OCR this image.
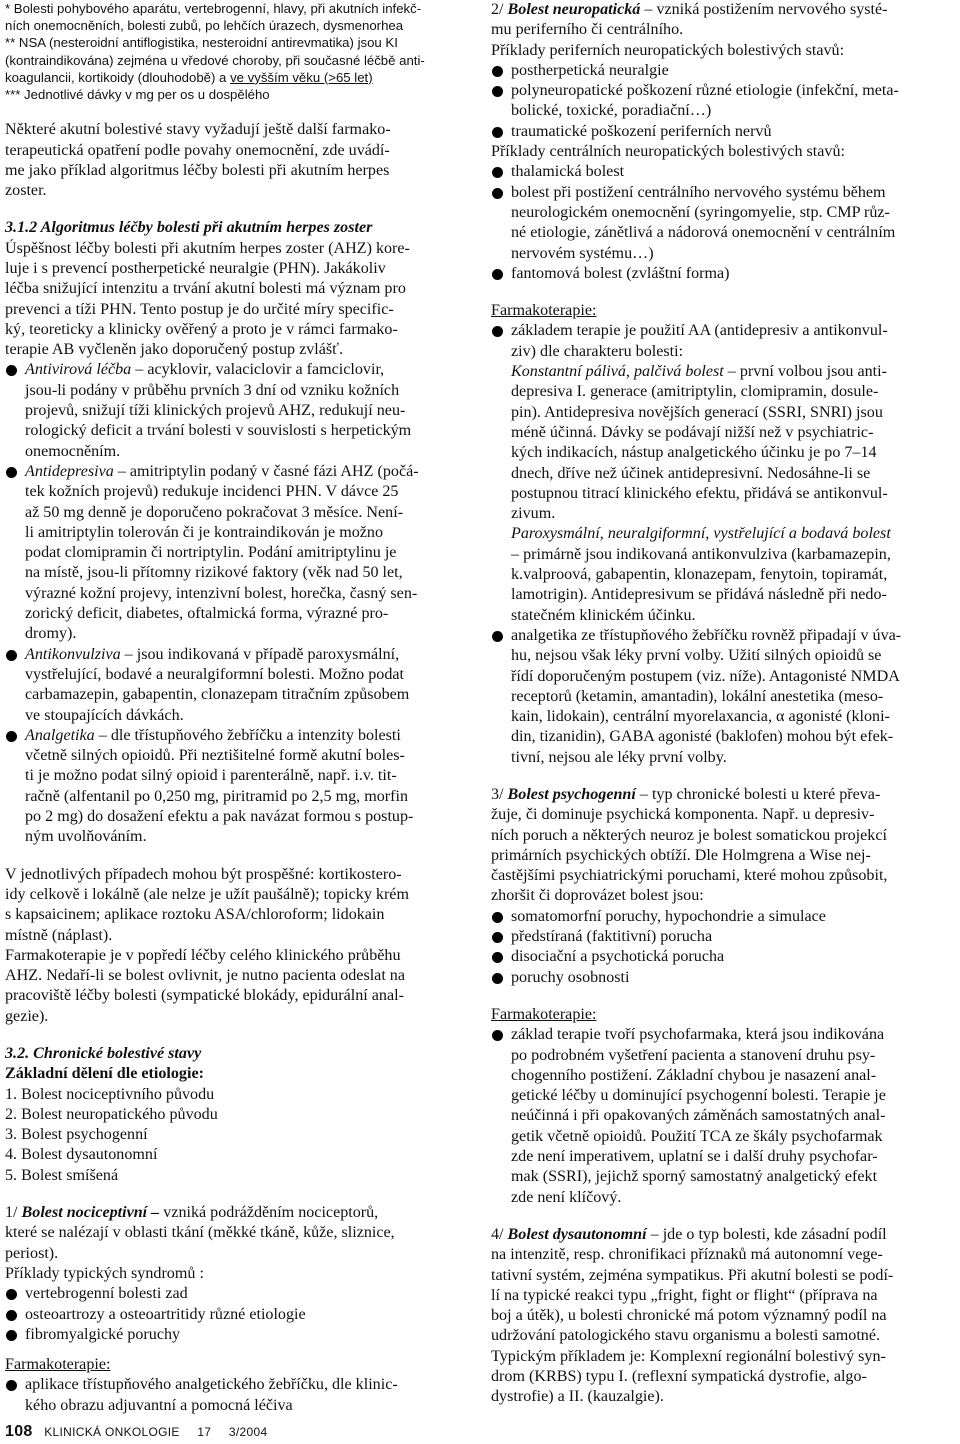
* Bolesti pohybového aparátu, vertebrogenní, hlavy, při akutních infekč-
ních onemocněních, bolesti zubů, po lehčích úrazech, dysmenorhea
** NSA (nesteroidní antiflogistika, nesteroidní antirevmatika) jsou KI
(kontraindikována) zejména u vředové choroby, při současné léčbě anti-
koagulancii, kortikoidy (dlouhodobě) a ve vyšším věku (>65 let)
*** Jednotlivé dávky v mg per os u dospělého

Některé akutní bolestivé stavy vyžadují ještě další farmako-
terapeutická opatření podle povahy onemocnění, zde uvádí-
me jako příklad algoritmus léčby bolesti při akutním herpes
zoster.

3.1.2 Algoritmus léčby bolesti při akutním herpes zoster
Úspěšnost léčby bolesti při akutním herpes zoster (AHZ) kore-
luje i s prevencí postherpetické neuralgie (PHN). Jakákoliv
léčba snižující intenzitu a trvání akutní bolesti má význam pro
prevenci a tíži PHN. Tento postup je do určité míry specific-
ký, teoreticky a klinicky ověřený a proto je v rámci farmako-
terapie AB vyčleněn jako doporučený postup zvlášť.

Antivirová léčba – acyklovir, valaciclovir a famciclovir,
jsou-li podány v průběhu prvních 3 dní od vzniku kožních
projevů, snižují tíži klinických projevů AHZ, redukují neu-
rologický deficit a trvání bolesti v souvislosti s herpetickým
onemocněním.
Antidepresiva – amitriptylin podaný v časné fázi AHZ (počá-
tek kožních projevů) redukuje incidenci PHN. V dávce 25
až 50 mg denně je doporučeno pokračovat 3 měsíce. Není-
li amitriptylin tolerován či je kontraindikován je možno
podat clomipramin či nortriptylin. Podání amitriptylinu je
na místě, jsou-li přítomny rizikové faktory (věk nad 50 let,
výrazné kožní projevy, intenzivní bolest, horečka, časný sen-
zorický deficit, diabetes, oftalmická forma, výrazné pro-
dromy).
Antikonvulziva – jsou indikovaná v případě paroxysmální,
vystřelující, bodavé a neuralgiformní bolesti. Možno podat
carbamazepin, gabapentin, clonazepam titračním způsobem
ve stoupajících dávkách.
Analgetika – dle třístupňového žebříčku a intenzity bolesti
včetně silných opioidů. Při neztišitelné formě akutní boles-
ti je možno podat silný opioid i parenterálně, např. i.v. tit-
račně (alfentanil po 0,250 mg, piritramid po 2,5 mg, morfin
po 2 mg) do dosažení efektu a pak navázat formou s postup-
ným uvolňováním.

V jednotlivých případech mohou být prospěšné: kortikostero-
idy celkově i lokálně (ale nelze je užít paušálně); topicky krém
s kapsaicinem; aplikace roztoku ASA/chloroform; lidokain
místně (náplast).
Farmakoterapie je v popředí léčby celého klinického průběhu
AHZ. Nedaří-li se bolest ovlivnit, je nutno pacienta odeslat na
pracoviště léčby bolesti (sympatické blokády, epidurální anal-
gezie).

3.2. Chronické bolestivé stavy
Základní dělení dle etiologie:
1. Bolest nociceptivního původu
2. Bolest neuropatického původu
3. Bolest psychogenní
4. Bolest dysautonomní
5. Bolest smíšená

1/ Bolest nociceptivní – vzniká podrážděním nociceptorů,
které se nalézají v oblasti tkání (měkké tkáně, kůže, sliznice,
periost).
Příklady typických syndromů :
vertebrogenní bolesti zad
osteoartrozy a osteoartritidy různé etiologie
fibromyalgické poruchy
Farmakoterapie:
aplikace třístupňového analgetického žebříčku, dle klinic-
kého obrazu adjuvantní a pomocná léčiva

2/ Bolest neuropatická – vzniká postižením nervového systé-
mu periferního či centrálního.
Příklady periferních neuropatických bolestivých stavů:
postherpetická neuralgie
polyneuropatické poškození různé etiologie (infekční, meta-
bolické, toxické, poradiační…)
traumatické poškození periferních nervů
Příklady centrálních neuropatických bolestivých stavů:
thalamická bolest
bolest při postižení centrálního nervového systému během
neurologickém onemocnění (syringomyelie, stp. CMP růz-
né etiologie, zánětlivá a nádorová onemocnění v centrálním
nervovém systému…)
fantomová bolest (zvláštní forma)

Farmakoterapie:
základem terapie je použití AA (antidepresiv a antikonvul-
ziv) dle charakteru bolesti:
Konstantní pálivá, palčivá bolest – první volbou jsou anti-
depresiva I. generace (amitriptylin, clomipramin, dosule-
pin). Antidepresiva novějších generací (SSRI, SNRI) jsou
méně účinná. Dávky se podávají nižší než v psychiatric-
kých indikacích, nástup analgetického účinku je po 7–14
dnech, dříve než účinek antidepresivní. Nedosáhne-li se
postupnou titrací klinického efektu, přidává se antikonvul-
zivum.
Paroxysmální, neuralgiformní, vystřelující a bodavá bolest
– primárně jsou indikovaná antikonvulziva (karbamazepin,
k.valproová, gabapentin, klonazepam, fenytoin, topiramát,
lamotrigin). Antidepresivum se přidává následně při nedo-
statečném klinickém účinku.
analgetika ze třístupňového žebříčku rovněž připadají v úva-
hu, nejsou však léky první volby. Užití silných opioidů se
řídí doporučeným postupem (viz. níže). Antagonisté NMDA
receptorů (ketamin, amantadin), lokální anestetika (meso-
kain, lidokain), centrální myorelaxancia, α agonisté (kloni-
din, tizanidin), GABA agonisté (baklofen) mohou být efek-
tivní, nejsou ale léky první volby.

3/ Bolest psychogenní – typ chronické bolesti u které převa-
žuje, či dominuje psychická komponenta. Např. u depresiv-
ních poruch a některých neuroz je bolest somatickou projekcí
primárních psychických obtíží. Dle Holmgrena a Wise nej-
častějšími psychiatrickými poruchami, které mohou způsobit,
zhoršit či doprovázet bolest jsou:
somatomorfní poruchy, hypochondrie a simulace
předstíraná (faktitivní) porucha
disociační a psychotická porucha
poruchy osobnosti

Farmakoterapie:
základ terapie tvoří psychofarmaka, která jsou indikována
po podrobném vyšetření pacienta a stanovení druhu psy-
chogenního postižení. Základní chybou je nasazení anal-
getické léčby u dominující psychogenní bolesti. Terapie je
neúčinná i při opakovaných záměnách samostatných anal-
getik včetně opioidů. Použití TCA ze škály psychofarmak
zde není imperativem, uplatní se i další druhy psychofar-
mak (SSRI), jejichž sporný samostatný analgetický efekt
zde není klíčový.

4/ Bolest dysautonomní – jde o typ bolesti, kde zásadní podíl
na intenzitě, resp. chronifikaci příznaků má autonomní vege-
tativní systém, zejména sympatikus. Při akutní bolesti se podí-
lí na typické reakci typu „fright, fight or flight“ (příprava na
boj a útěk), u bolesti chronické má potom významný podíl na
udržování patologického stavu organismu a bolesti samotné.
Typickým příkladem je: Komplexní regionální bolestivý syn-
drom (KRBS) typu I. (reflexní sympatická dystrofie, algo-
dystrofie) a II. (kauzalgie).

108 KLINICKÁ ONKOLOGIE 17 3/2004
